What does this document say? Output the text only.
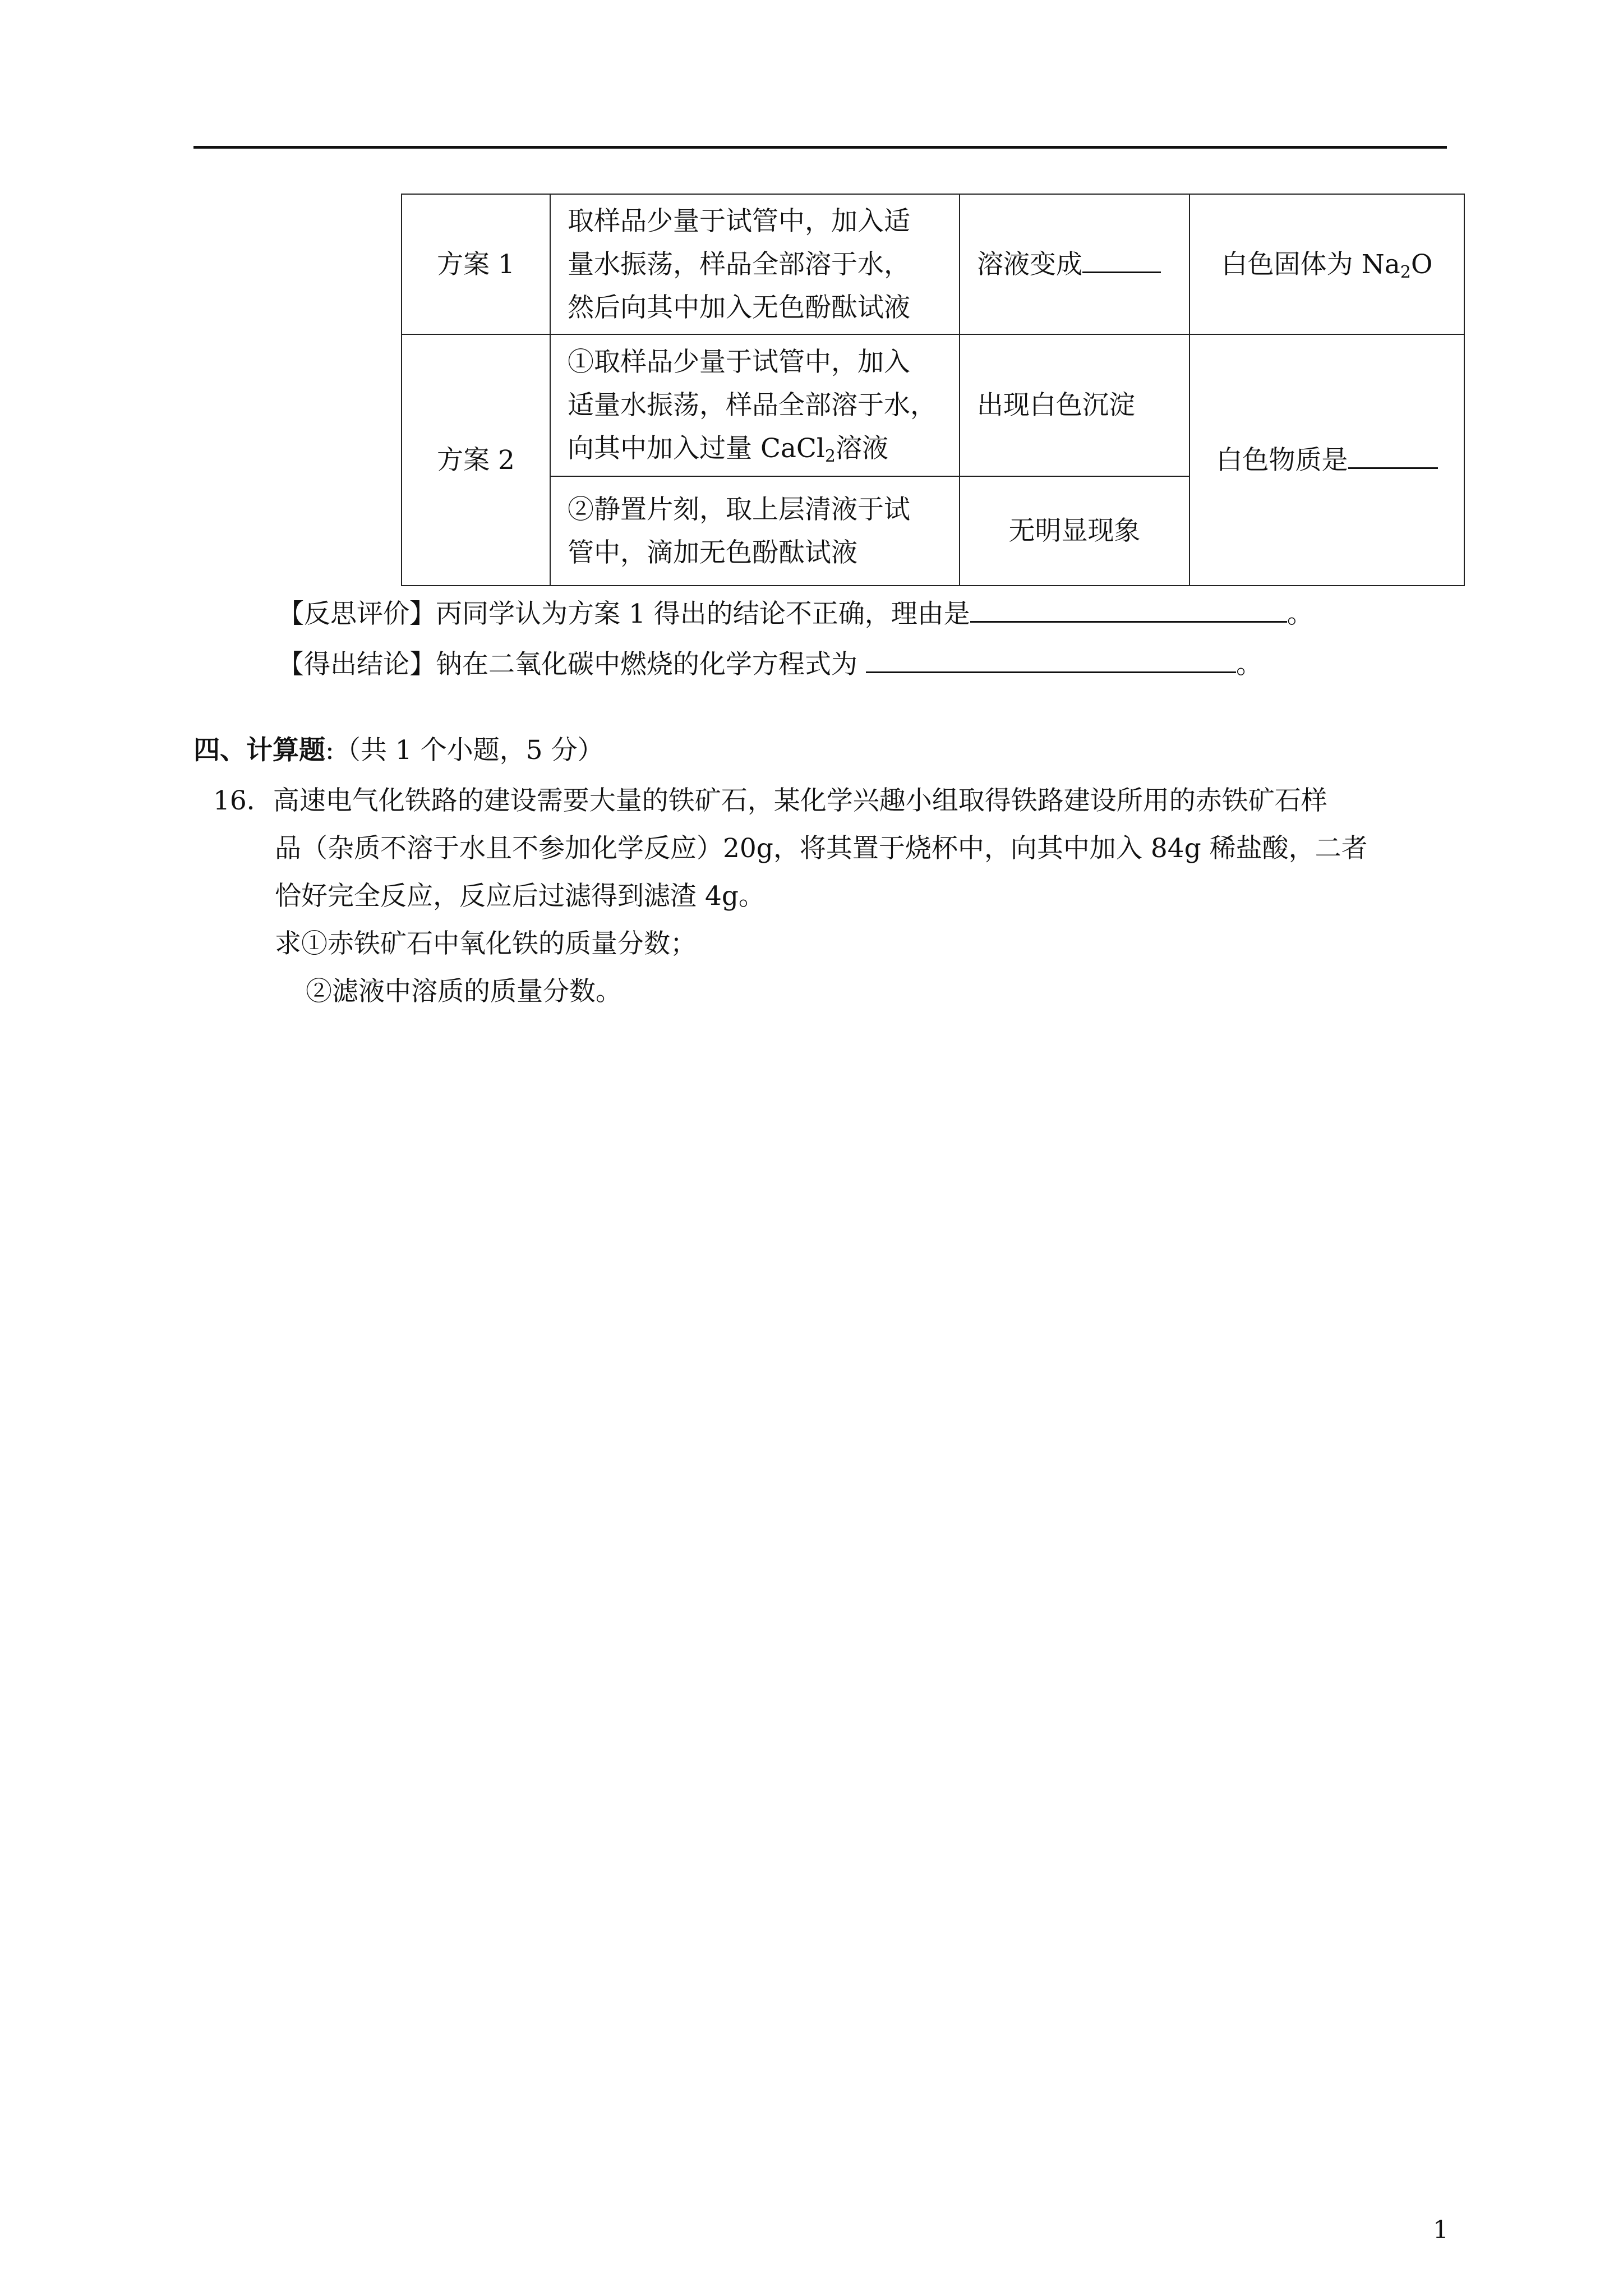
方案 1	取样品少量于试管中，加入适
量水振荡，样品全部溶于水，
然后向其中加入无色酚酞试液	溶液变成	白色固体为 $Na_2O$
方案 2	①取样品少量于试管中，加入
适量水振荡，样品全部溶于水，
向其中加入过量 CaCl$_2$溶液	出现白色沉淀	白色物质是

	②静置片刻，取上层清液于试
管中，滴加无色酚酞试液	无明显现象	
【反思评价】丙同学认为方案 1 得出的结论不正确，理由是	。
【得出结论】钠在二氧化碳中燃烧的化学方程式为	。
四、计算题:（共 1 个小题，5 分）
16．高速电气化铁路的建设需要大量的铁矿石，某化学兴趣小组取得铁路建设所用的赤铁矿石样
品（杂质不溶于水且不参加化学反应）20g，将其置于烧杯中，向其中加入 84g 稀盐酸，二者
恰好完全反应，反应后过滤得到滤渣 4g。
求①赤铁矿石中氧化铁的质量分数；
②滤液中溶质的质量分数。
1
